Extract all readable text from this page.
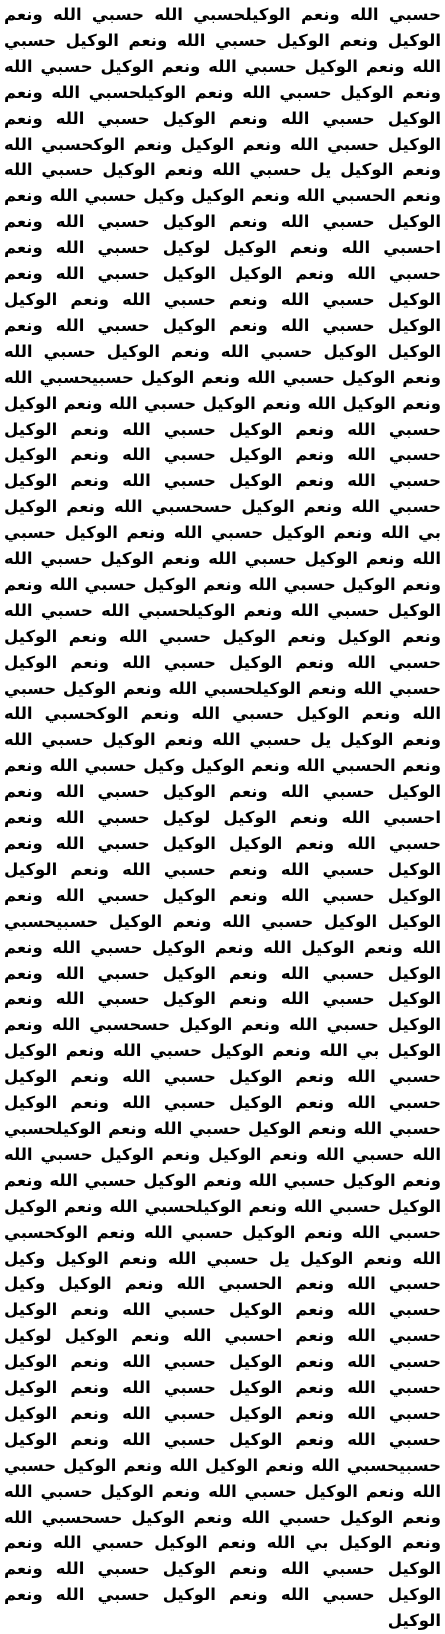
حسبي الله ونعم الوكيلحسبي الله حسبي الله ونعم الوكيل ونعم الوكيل حسبي الله ونعم الوكيل حسبي الله ونعم الوكيل حسبي الله ونعم الوكيل حسبي الله ونعم الوكيل حسبي الله ونعم الوكيلحسبي الله ونعم الوكيل حسبي الله ونعم الوكيل حسبي الله ونعم الوكيل حسبي الله ونعم الوكيل ونعم الوكحسبي الله ونعم الوكيل يل حسبي الله ونعم الوكيل حسبي الله ونعم الحسبي الله ونعم الوكيل وكيل حسبي الله ونعم الوكيل حسبي الله ونعم الوكيل حسبي الله ونعم احسبي الله ونعم الوكيل لوكيل حسبي الله ونعم حسبي الله ونعم الوكيل الوكيل حسبي الله ونعم الوكيل حسبي الله ونعم حسبي الله ونعم الوكيل الوكيل حسبي الله ونعم الوكيل حسبي الله ونعم الوكيل الوكيل حسبي الله ونعم الوكيل حسبي الله ونعم الوكيل حسبي الله ونعم الوكيل حسبيحسبي الله ونعم الوكيل الله ونعم الوكيل حسبي الله ونعم الوكيل حسبي الله ونعم الوكيل حسبي الله ونعم الوكيل حسبي الله ونعم الوكيل حسبي الله ونعم الوكيل حسبي الله ونعم الوكيل حسبي الله ونعم الوكيل حسبي الله ونعم الوكيل حسحسبي الله ونعم الوكيل بي الله ونعم الوكيل حسبي الله ونعم الوكيل حسبي الله ونعم الوكيل حسبي الله ونعم الوكيل حسبي الله ونعم الوكيل حسبي الله ونعم الوكيل حسبي الله ونعم الوكيل حسبي الله ونعم الوكيلحسبي الله حسبي الله ونعم الوكيل ونعم الوكيل حسبي الله ونعم الوكيل حسبي الله ونعم الوكيل حسبي الله ونعم الوكيل حسبي الله ونعم الوكيلحسبي الله ونعم الوكيل حسبي الله ونعم الوكيل حسبي الله ونعم الوكحسبي الله ونعم الوكيل يل حسبي الله ونعم الوكيل حسبي الله ونعم الحسبي الله ونعم الوكيل وكيل حسبي الله ونعم الوكيل حسبي الله ونعم الوكيل حسبي الله ونعم احسبي الله ونعم الوكيل لوكيل حسبي الله ونعم حسبي الله ونعم الوكيل الوكيل حسبي الله ونعم الوكيل حسبي الله ونعم حسبي الله ونعم الوكيل الوكيل حسبي الله ونعم الوكيل حسبي الله ونعم الوكيل الوكيل حسبي الله ونعم الوكيل حسبيحسبي الله ونعم الوكيل الله ونعم الوكيل حسبي الله ونعم الوكيل حسبي الله ونعم الوكيل حسبي الله ونعم الوكيل حسبي الله ونعم الوكيل حسبي الله ونعم الوكيل حسبي الله ونعم الوكيل حسحسبي الله ونعم الوكيل بي الله ونعم الوكيل حسبي الله ونعم الوكيل حسبي الله ونعم الوكيل حسبي الله ونعم الوكيل حسبي الله ونعم الوكيل حسبي الله ونعم الوكيل حسبي الله ونعم الوكيل حسبي الله ونعم الوكيلحسبي الله حسبي الله ونعم الوكيل ونعم الوكيل حسبي الله ونعم الوكيل حسبي الله ونعم الوكيل حسبي الله ونعم الوكيل حسبي الله ونعم الوكيلحسبي الله ونعم الوكيل حسبي الله ونعم الوكيل حسبي الله ونعم الوكحسبي الله ونعم الوكيل يل حسبي الله ونعم الوكيل وكيل حسبي الله ونعم الحسبي الله ونعم الوكيل وكيل حسبي الله ونعم الوكيل حسبي الله ونعم الوكيل حسبي الله ونعم احسبي الله ونعم الوكيل لوكيل حسبي الله ونعم الوكيل حسبي الله ونعم الوكيل حسبي الله ونعم الوكيل حسبي الله ونعم الوكيل حسبي الله ونعم الوكيل حسبي الله ونعم الوكيل حسبي الله ونعم الوكيل حسبي الله ونعم الوكيل حسبيحسبي الله ونعم الوكيل الله ونعم الوكيل حسبي الله ونعم الوكيل حسبي الله ونعم الوكيل حسبي الله ونعم الوكيل حسبي الله ونعم الوكيل حسحسبي الله ونعم الوكيل بي الله ونعم الوكيل حسبي الله ونعم الوكيل حسبي الله ونعم الوكيل حسبي الله ونعم الوكيل حسبي الله ونعم الوكيل حسبي الله ونعم الوكيل
